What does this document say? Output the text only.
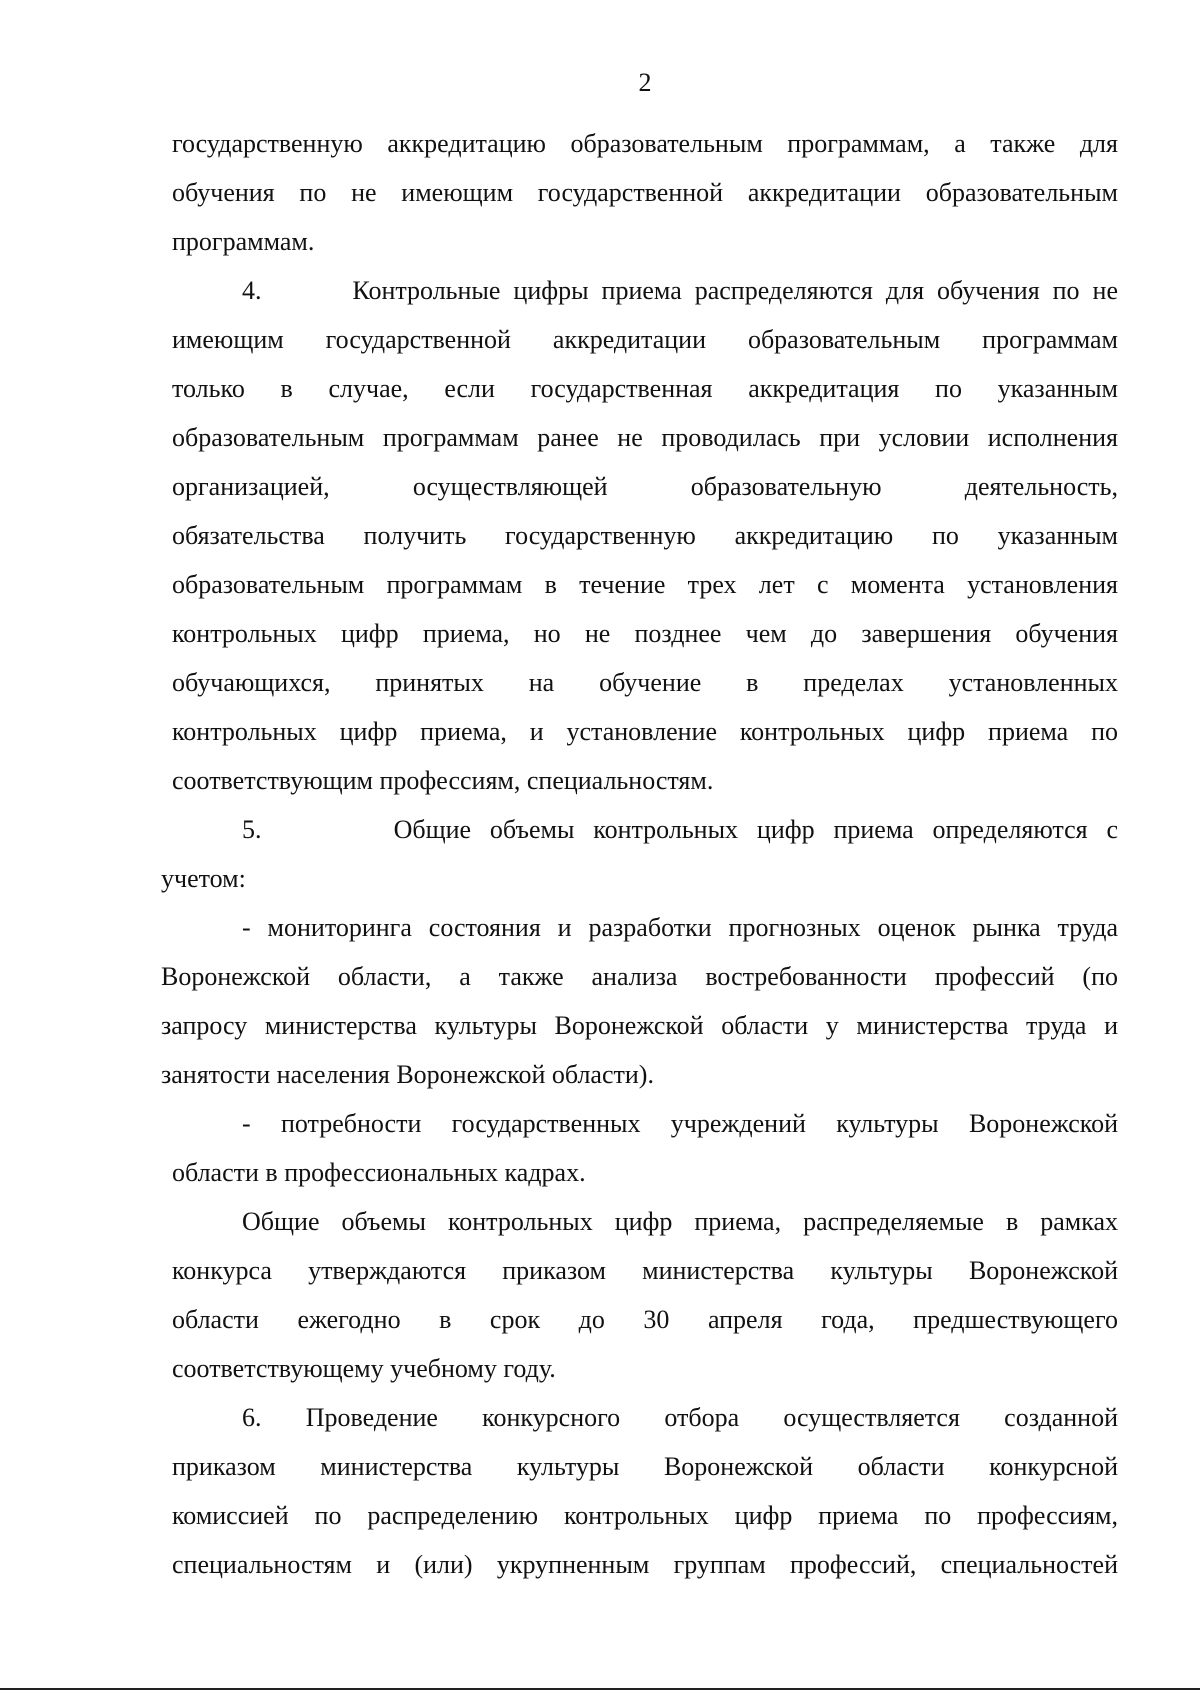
2
государственную аккредитацию образовательным программам, а также для
обучения по не имеющим государственной аккредитации образовательным
программам.
4.       Контрольные цифры приема распределяются для обучения по не
имеющим государственной аккредитации образовательным программам
только в случае, если государственная аккредитация по указанным
образовательным программам ранее не проводилась при условии исполнения
организацией, осуществляющей образовательную деятельность,
обязательства получить государственную аккредитацию по указанным
образовательным программам в течение трех лет с момента установления
контрольных цифр приема, но не позднее чем до завершения обучения
обучающихся, принятых на обучение в пределах установленных
контрольных цифр приема, и установление контрольных цифр приема по
соответствующим профессиям, специальностям.
5.       Общие объемы контрольных цифр приема определяются с
учетом:
- мониторинга состояния и разработки прогнозных оценок рынка труда
Воронежской области, а также анализа востребованности профессий (по
запросу министерства культуры Воронежской области у министерства труда и
занятости населения Воронежской области).
- потребности государственных учреждений культуры Воронежской
области в профессиональных кадрах.
Общие объемы контрольных цифр приема, распределяемые в рамках
конкурса утверждаются приказом министерства культуры Воронежской
области ежегодно в срок до 30 апреля года, предшествующего
соответствующему учебному году.
6. Проведение конкурсного отбора осуществляется созданной
приказом министерства культуры Воронежской области конкурсной
комиссией по распределению контрольных цифр приема по профессиям,
специальностям и (или) укрупненным группам профессий, специальностей
